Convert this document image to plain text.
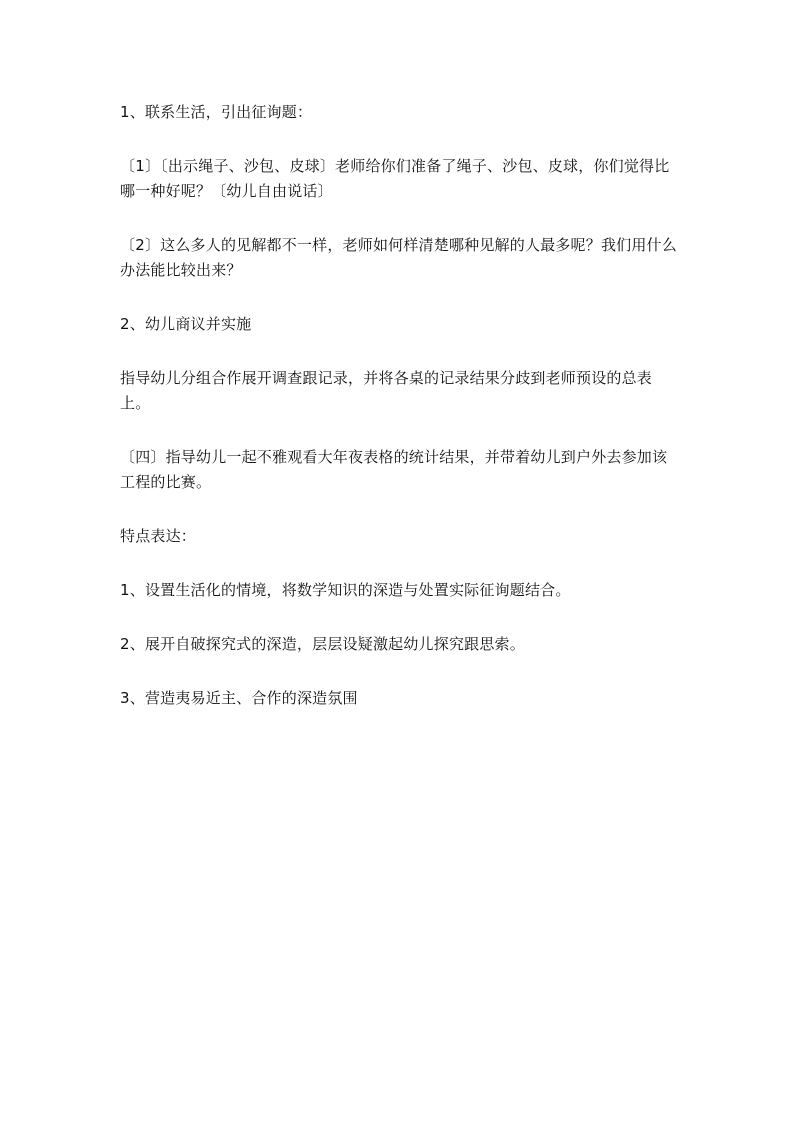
1、联系生活，引出征询题：

〔1〕〔出示绳子、沙包、皮球〕老师给你们准备了绳子、沙包、皮球，你们觉得比哪一种好呢？〔幼儿自由说话〕

〔2〕这么多人的见解都不一样，老师如何样清楚哪种见解的人最多呢？我们用什么办法能比较出来？

2、幼儿商议并实施

指导幼儿分组合作展开调查跟记录，并将各桌的记录结果分歧到老师预设的总表上。

〔四〕指导幼儿一起不雅观看大年夜表格的统计结果，并带着幼儿到户外去参加该工程的比赛。

特点表达：

1、设置生活化的情境，将数学知识的深造与处置实际征询题结合。

2、展开自破探究式的深造，层层设疑激起幼儿探究跟思索。

3、营造夷易近主、合作的深造氛围
